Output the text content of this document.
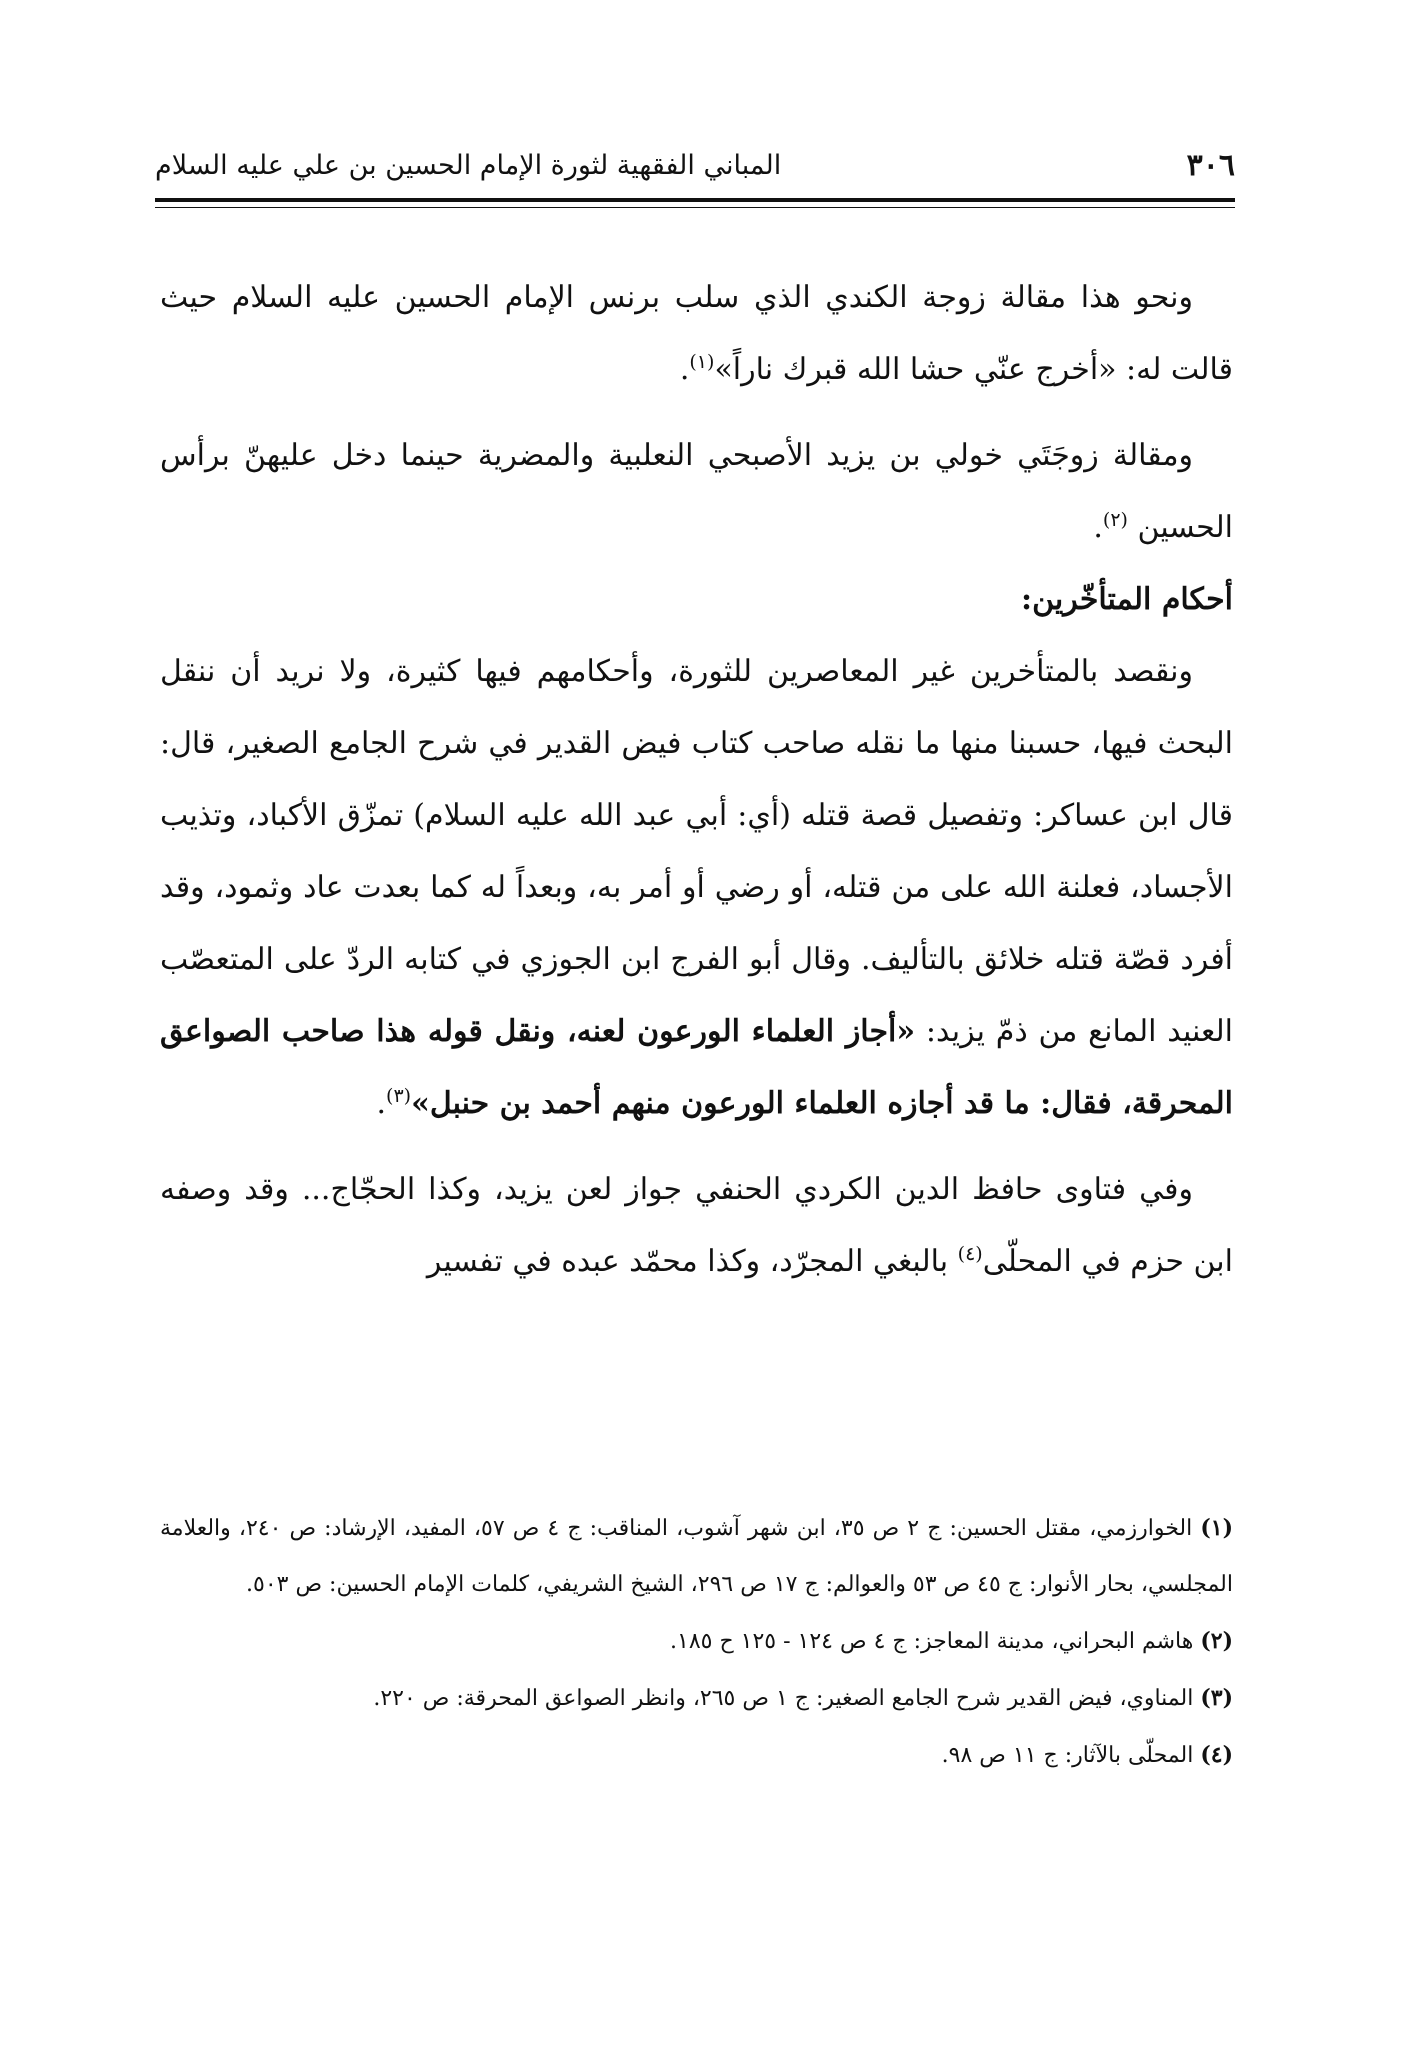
٣٠٦
المباني الفقهية لثورة الإمام الحسين بن علي عليه السلام

ونحو هذا مقالة زوجة الكندي الذي سلب برنس الإمام الحسين عليه السلام حيث قالت له: «أخرج عنّي حشا الله قبرك ناراً»$^{(١)}$.

ومقالة زوجَتَي خولي بن يزيد الأصبحي النعلبية والمضرية حينما دخل عليهنّ برأس الحسين $^{(٢)}$.

أحكام المتأخّرين:

ونقصد بالمتأخرين غير المعاصرين للثورة، وأحكامهم فيها كثيرة، ولا نريد أن ننقل البحث فيها، حسبنا منها ما نقله صاحب كتاب فيض القدير في شرح الجامع الصغير، قال: قال ابن عساكر: وتفصيل قصة قتله (أي: أبي عبد الله عليه السلام) تمزّق الأكباد، وتذيب الأجساد، فعلنة الله على من قتله، أو رضي أو أمر به، وبعداً له كما بعدت عاد وثمود، وقد أفرد قصّة قتله خلائق بالتأليف. وقال أبو الفرج ابن الجوزي في كتابه الردّ على المتعصّب العنيد المانع من ذمّ يزيد: «أجاز العلماء الورعون لعنه، ونقل قوله هذا صاحب الصواعق المحرقة، فقال: ما قد أجازه العلماء الورعون منهم أحمد بن حنبل»$^{(٣)}$.

وفي فتاوى حافظ الدين الكردي الحنفي جواز لعن يزيد، وكذا الحجّاج... وقد وصفه ابن حزم في المحلّى$^{(٤)}$ بالبغي المجرّد، وكذا محمّد عبده في تفسير

(١) الخوارزمي، مقتل الحسين: ج ٢ ص ٣٥، ابن شهر آشوب، المناقب: ج ٤ ص ٥٧، المفيد، الإرشاد: ص ٢٤٠، والعلامة المجلسي، بحار الأنوار: ج ٤٥ ص ٥٣ والعوالم: ج ١٧ ص ٢٩٦، الشيخ الشريفي، كلمات الإمام الحسين: ص ٥٠٣.
(٢) هاشم البحراني، مدينة المعاجز: ج ٤ ص ١٢٤ - ١٢٥ ح ١٨٥.
(٣) المناوي، فيض القدير شرح الجامع الصغير: ج ١ ص ٢٦٥، وانظر الصواعق المحرقة: ص ٢٢٠.
(٤) المحلّى بالآثار: ج ١١ ص ٩٨.
